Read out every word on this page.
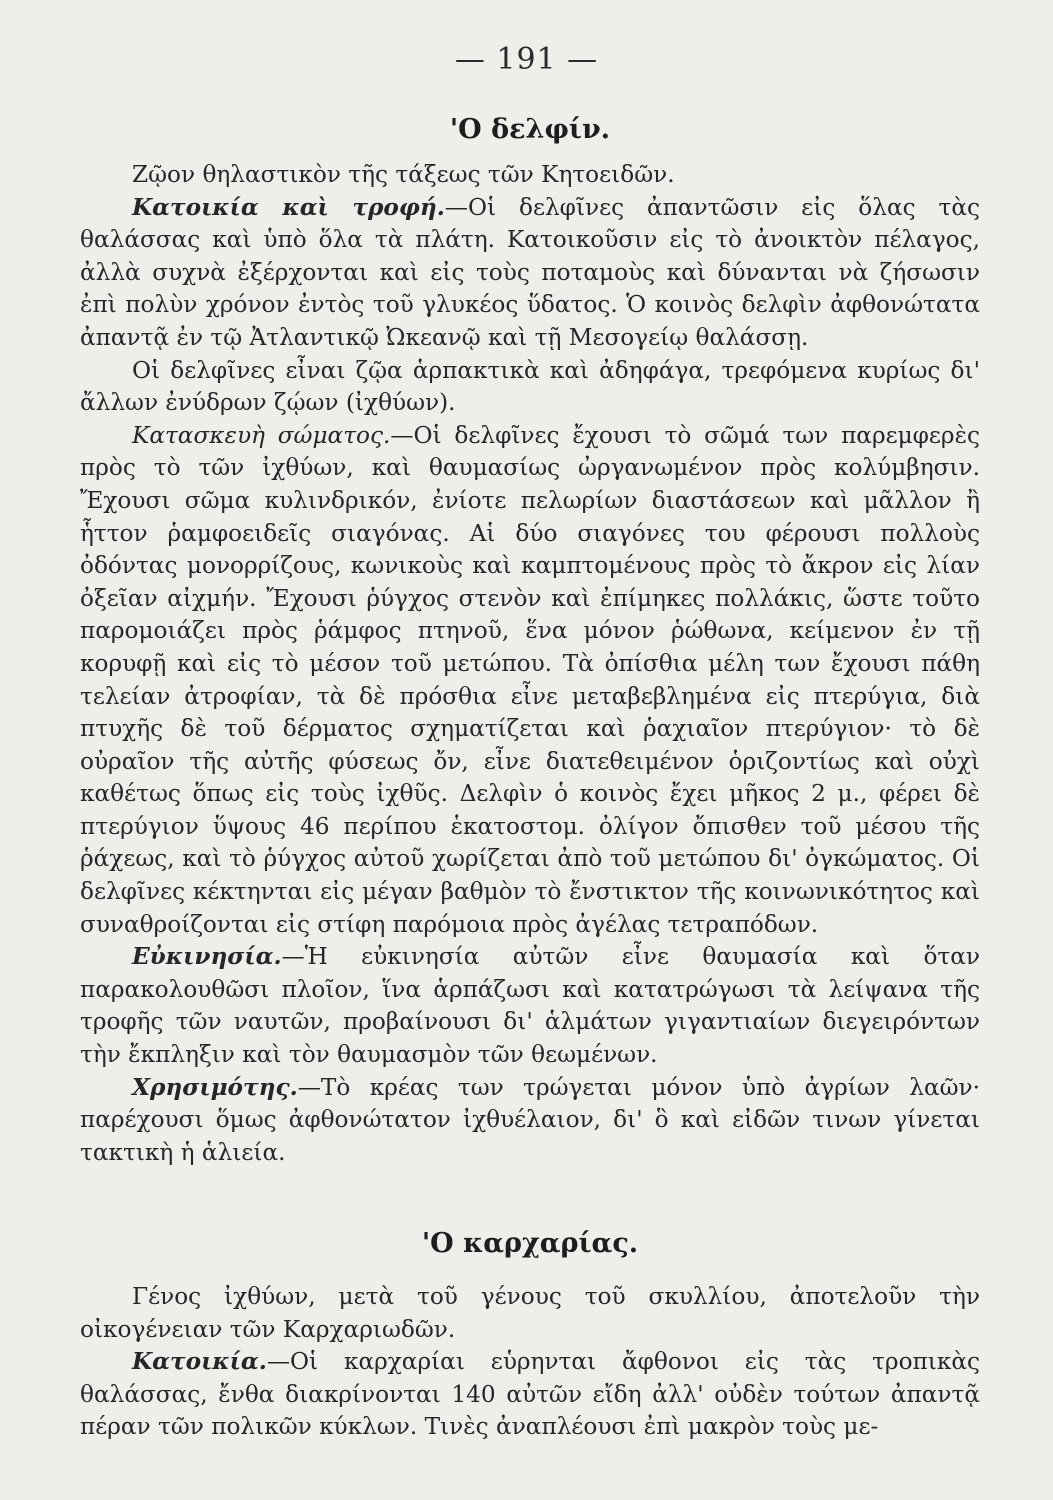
— 191 —
'Ο δελφίν.

Ζῷον θηλαστικὸν τῆς τάξεως τῶν Κητοειδῶν.

Κατοικία καὶ τροφή.—Οἱ δελφῖνες ἀπαντῶσιν εἰς ὅλας τὰς θαλάσσας καὶ ὑπὸ ὅλα τὰ πλάτη. Κατοικοῦσιν εἰς τὸ ἀνοικτὸν πέλαγος, ἀλλὰ συχνὰ ἐξέρχονται καὶ εἰς τοὺς ποταμοὺς καὶ δύνανται νὰ ζήσωσιν ἐπὶ πολὺν χρόνον ἐντὸς τοῦ γλυκέος ὕδατος. Ὁ κοινὸς δελφὶν ἀφθονώτατα ἀπαντᾷ ἐν τῷ Ἀτλαντικῷ Ὠκεανῷ καὶ τῇ Μεσογείῳ θαλάσσῃ.

Οἱ δελφῖνες εἶναι ζῷα ἁρπακτικὰ καὶ ἀδηφάγα, τρεφόμενα κυρίως δι' ἄλλων ἐνύδρων ζῴων (ἰχθύων).

Κατασκευὴ σώματος.—Οἱ δελφῖνες ἔχουσι τὸ σῶμά των παρεμφερὲς πρὸς τὸ τῶν ἰχθύων, καὶ θαυμασίως ὠργανωμένον πρὸς κολύμβησιν. Ἔχουσι σῶμα κυλινδρικόν, ἐνίοτε πελωρίων διαστάσεων καὶ μᾶλλον ἢ ἧττον ῥαμφοειδεῖς σιαγόνας. Αἱ δύο σιαγόνες του φέρουσι πολλοὺς ὀδόντας μονορρίζους, κωνικοὺς καὶ καμπτομένους πρὸς τὸ ἄκρον εἰς λίαν ὀξεῖαν αἰχμήν. Ἔχουσι ῥύγχος στενὸν καὶ ἐπίμηκες πολλάκις, ὥστε τοῦτο παρομοιάζει πρὸς ῥάμφος πτηνοῦ, ἕνα μόνον ῥώθωνα, κείμενον ἐν τῇ κορυφῇ καὶ εἰς τὸ μέσον τοῦ μετώπου. Τὰ ὀπίσθια μέλη των ἔχουσι πάθη τελείαν ἀτροφίαν, τὰ δὲ πρόσθια εἶνε μεταβεβλημένα εἰς πτερύγια, διὰ πτυχῆς δὲ τοῦ δέρματος σχηματίζεται καὶ ῥαχιαῖον πτερύγιον· τὸ δὲ οὐραῖον τῆς αὐτῆς φύσεως ὄν, εἶνε διατεθειμένον ὁριζοντίως καὶ οὐχὶ καθέτως ὅπως εἰς τοὺς ἰχθῦς. Δελφὶν ὁ κοινὸς ἔχει μῆκος 2 μ., φέρει δὲ πτερύγιον ὕψους 46 περίπου ἑκατοστομ. ὀλίγον ὄπισθεν τοῦ μέσου τῆς ῥάχεως, καὶ τὸ ῥύγχος αὐτοῦ χωρίζεται ἀπὸ τοῦ μετώπου δι' ὀγκώματος. Οἱ δελφῖνες κέκτηνται εἰς μέγαν βαθμὸν τὸ ἔνστικτον τῆς κοινωνικότητος καὶ συναθροίζονται εἰς στίφη παρόμοια πρὸς ἀγέλας τετραπόδων.

Εὐκινησία.—Ἡ εὐκινησία αὐτῶν εἶνε θαυμασία καὶ ὅταν παρακολουθῶσι πλοῖον, ἵνα ἁρπάζωσι καὶ κατατρώγωσι τὰ λείψανα τῆς τροφῆς τῶν ναυτῶν, προβαίνουσι δι' ἁλμάτων γιγαντιαίων διεγειρόντων τὴν ἔκπληξιν καὶ τὸν θαυμασμὸν τῶν θεωμένων.

Χρησιμότης.—Τὸ κρέας των τρώγεται μόνον ὑπὸ ἀγρίων λαῶν· παρέχουσι ὅμως ἀφθονώτατον ἰχθυέλαιον, δι' ὃ καὶ εἰδῶν τινων γίνεται τακτικὴ ἡ ἁλιεία.

'Ο καρχαρίας.

Γένος ἰχθύων, μετὰ τοῦ γένους τοῦ σκυλλίου, ἀποτελοῦν τὴν οἰκογένειαν τῶν Καρχαριωδῶν.

Κατοικία.—Οἱ καρχαρίαι εὑρηνται ἄφθονοι εἰς τὰς τροπικὰς θαλάσσας, ἔνθα διακρίνονται 140 αὐτῶν εἴδη ἀλλ' οὐδὲν τούτων ἀπαντᾷ πέραν τῶν πολικῶν κύκλων. Τινὲς ἀναπλέουσι ἐπὶ μακρὸν τοὺς με-
